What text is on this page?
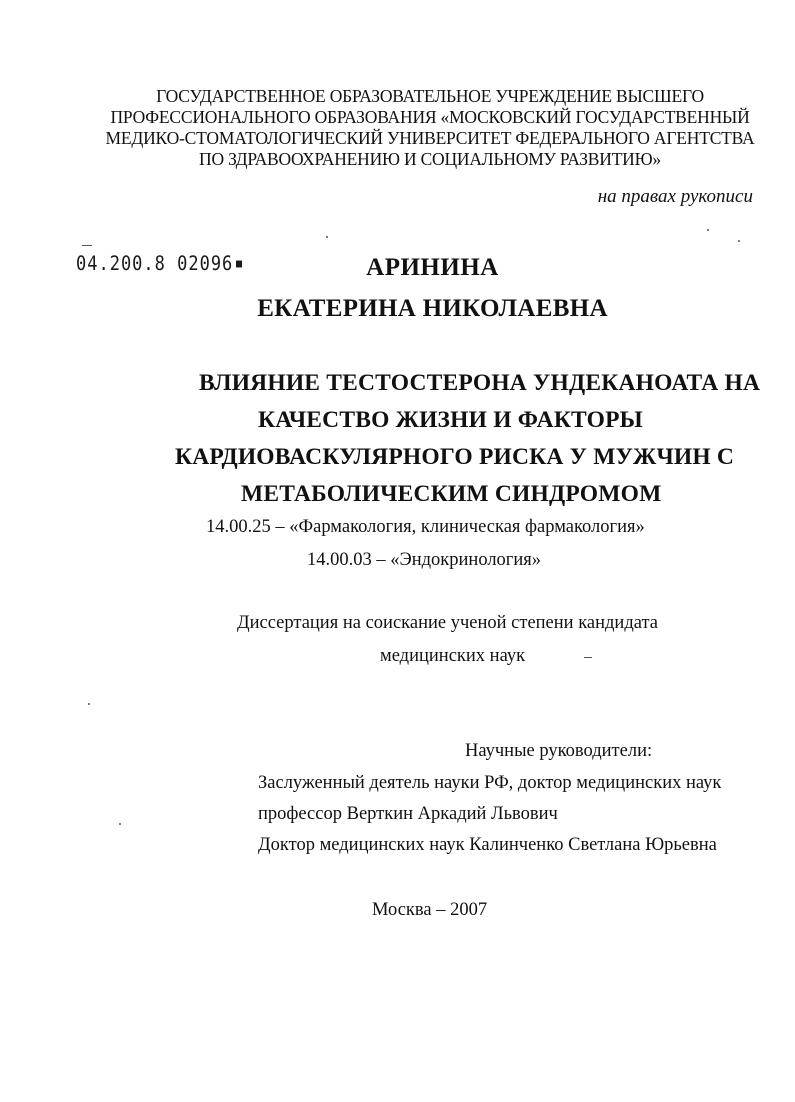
ГОСУДАРСТВЕННОЕ ОБРАЗОВАТЕЛЬНОЕ УЧРЕЖДЕНИЕ ВЫСШЕГО
ПРОФЕССИОНАЛЬНОГО ОБРАЗОВАНИЯ «МОСКОВСКИЙ ГОСУДАРСТВЕННЫЙ
МЕДИКО-СТОМАТОЛОГИЧЕСКИЙ УНИВЕРСИТЕТ ФЕДЕРАЛЬНОГО АГЕНТСТВА
ПО ЗДРАВООХРАНЕНИЮ И СОЦИАЛЬНОМУ РАЗВИТИЮ»
на правах рукописи
04.200.8 02096	АРИНИНА
ЕКАТЕРИНА НИКОЛАЕВНА
ВЛИЯНИЕ ТЕСТОСТЕРОНА УНДЕКАНОАТА НА
КАЧЕСТВО ЖИЗНИ И ФАКТОРЫ
КАРДИОВАСКУЛЯРНОГО РИСКА У МУЖЧИН С
МЕТАБОЛИЧЕСКИМ СИНДРОМОМ
14.00.25 – «Фармакология, клиническая фармакология»
14.00.03 – «Эндокринология»
Диссертация на соискание ученой степени кандидата
медицинских наук
Научные руководители:
Заслуженный деятель науки РФ, доктор медицинских наук
профессор Верткин Аркадий Львович
Доктор медицинских наук Калинченко Светлана Юрьевна
Москва – 2007
